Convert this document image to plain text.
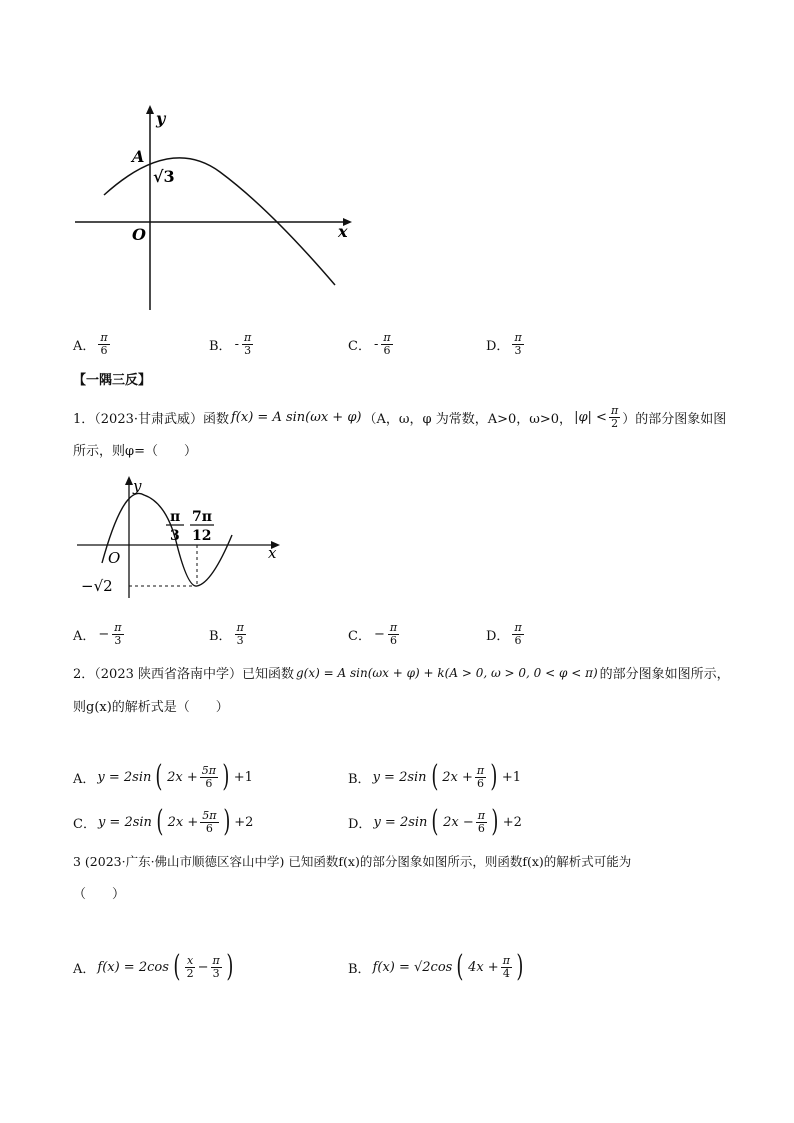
y
x
O
A
√3
A． $\frac{\pi}{6}$	B． - $\frac{\pi}{3}$	C． - $\frac{\pi}{6}$	D． $\frac{\pi}{3}$
【一隅三反】
1．（2023·甘肃武威）函数 f(x) = A sin(ωx + φ) （A，ω，φ 为常数，A>0，ω>0， $|\varphi| < \frac{\pi}{2}$ ）的部分图象如图
所示，则φ=（　　）
y
x
O
π
3
7π
12
−√2
A． − $\frac{\pi}{3}$	B． $\frac{\pi}{3}$	C． − $\frac{\pi}{6}$	D． $\frac{\pi}{6}$
2．（2023 陕西省洛南中学）已知函数 g(x) = A sin(ωx + φ) + k(A > 0, ω > 0, 0 < φ < π) 的部分图象如图所示，
则g(x)的解析式是（　　）
A． y = 2sin ( $2x + \frac{5\pi}{6}$ ) +1	B． y = 2sin ( $2x + \frac{\pi}{6}$ ) +1
C． y = 2sin ( $2x + \frac{5\pi}{6}$ ) +2	D． y = 2sin ( $2x - \frac{\pi}{6}$ ) +2
3 (2023·广东·佛山市顺德区容山中学) 已知函数f(x)的部分图象如图所示，则函数f(x)的解析式可能为
（　　）
A． f(x) = 2cos ( $\frac{x}{2} - \frac{\pi}{3}$ )	B． f(x) = √2cos ( $4x + \frac{\pi}{4}$ )
